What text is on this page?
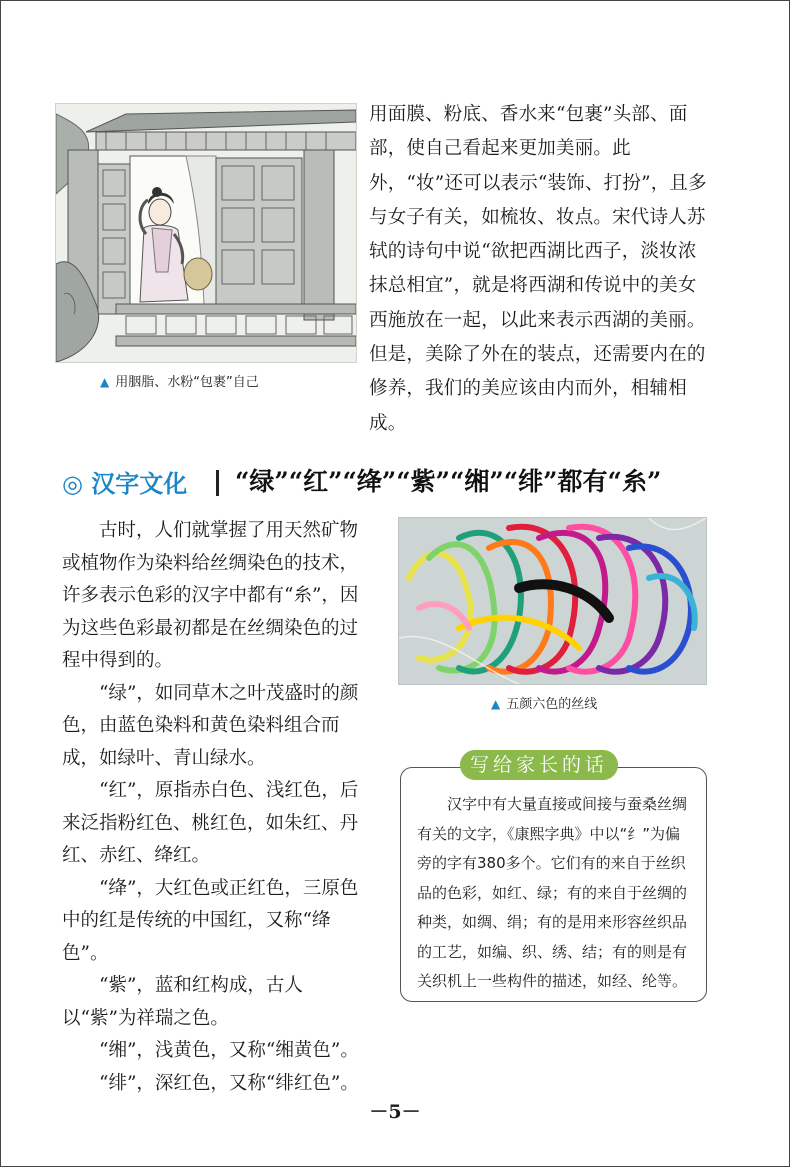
▲ 用胭脂、水粉“包裹”自己

用面膜、粉底、香水来“包裹”头部、面部，使自己看起来更加美丽。此外，“妆”还可以表示“装饰、打扮”，且多与女子有关，如梳妆、妆点。宋代诗人苏轼的诗句中说“欲把西湖比西子，淡妆浓抹总相宜”，就是将西湖和传说中的美女西施放在一起，以此来表示西湖的美丽。但是，美除了外在的装点，还需要内在的修养，我们的美应该由内而外，相辅相成。

◎ 汉字文化 “绿”“红”“绛”“紫”“缃”“绯”都有“糸”

古时，人们就掌握了用天然矿物或植物作为染料给丝绸染色的技术，许多表示色彩的汉字中都有“糸”，因为这些色彩最初都是在丝绸染色的过程中得到的。

“绿”，如同草木之叶茂盛时的颜色，由蓝色染料和黄色染料组合而成，如绿叶、青山绿水。

“红”，原指赤白色、浅红色，后来泛指粉红色、桃红色，如朱红、丹红、赤红、绛红。

“绛”，大红色或正红色，三原色中的红是传统的中国红，又称“绛色”。

“紫”，蓝和红构成，古人以“紫”为祥瑞之色。

“缃”，浅黄色，又称“缃黄色”。

“绯”，深红色，又称“绯红色”。

▲ 五颜六色的丝线
写给家长的话
汉字中有大量直接或间接与蚕桑丝绸有关的文字，《康熙字典》中以“纟”为偏旁的字有380多个。它们有的来自于丝织品的色彩，如红、绿；有的来自于丝绸的种类，如绸、绢；有的是用来形容丝织品的工艺，如编、织、绣、结；有的则是有关织机上一些构件的描述，如经、纶等。
－5－
